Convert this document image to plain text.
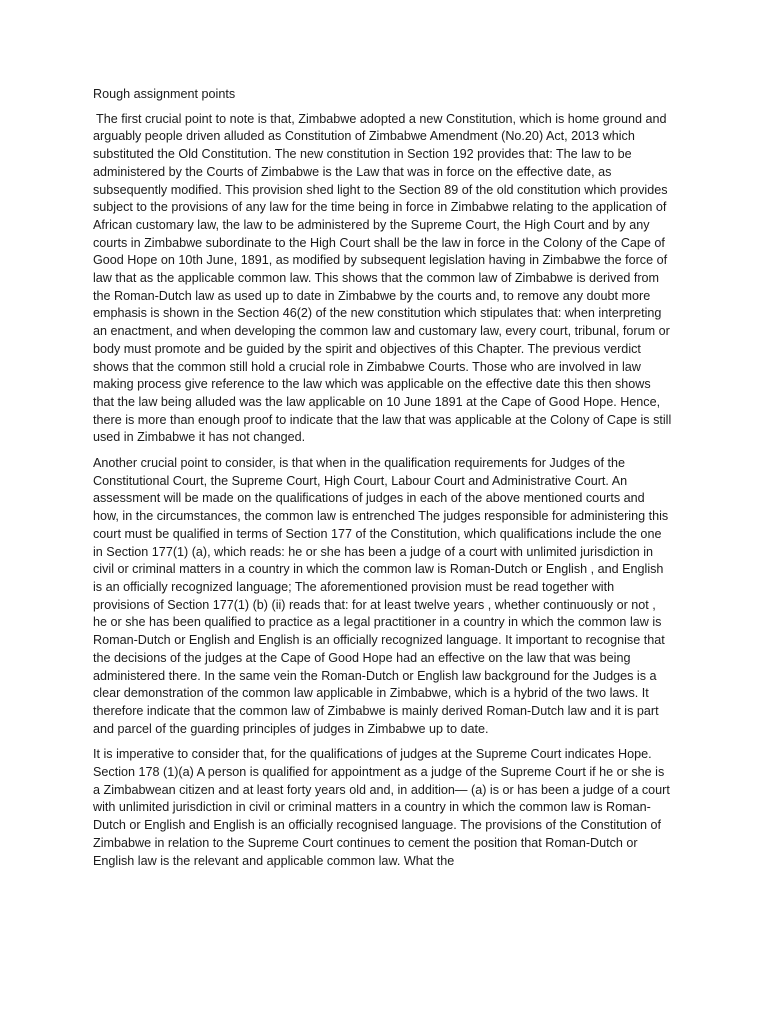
Rough assignment points

The first crucial point to note is that, Zimbabwe adopted a new Constitution, which is home ground and arguably people driven alluded as Constitution of Zimbabwe Amendment (No.20) Act, 2013 which substituted the Old Constitution. The new constitution in Section 192 provides that: The law to be administered by the Courts of Zimbabwe is the Law that was in force on the effective date, as subsequently modified. This provision shed light to the Section 89 of the old constitution which provides subject to the provisions of any law for the time being in force in Zimbabwe relating to the application of African customary law, the law to be administered by the Supreme Court, the High Court and by any courts in Zimbabwe subordinate to the High Court shall be the law in force in the Colony of the Cape of Good Hope on 10th June, 1891, as modified by subsequent legislation having in Zimbabwe the force of law that as the applicable common law. This shows that the common law of Zimbabwe is derived from the Roman-Dutch law as used up to date in Zimbabwe by the courts and, to remove any doubt more emphasis is shown in the Section 46(2) of the new constitution which stipulates that: when interpreting an enactment, and when developing the common law and customary law, every court, tribunal, forum or body must promote and be guided by the spirit and objectives of this Chapter. The previous verdict shows that the common still hold a crucial role in Zimbabwe Courts. Those who are involved in law making process give reference to the law which was applicable on the effective date this then shows that the law being alluded was the law applicable on 10 June 1891 at the Cape of Good Hope. Hence, there is more than enough proof to indicate that the law that was applicable at the Colony of Cape is still used in Zimbabwe it has not changed.

Another crucial point to consider, is that when in the qualification requirements for Judges of the Constitutional Court, the Supreme Court, High Court, Labour Court and Administrative Court. An assessment will be made on the qualifications of judges in each of the above mentioned courts and how, in the circumstances, the common law is entrenched The judges responsible for administering this court must be qualified in terms of Section 177 of the Constitution, which qualifications include the one in Section 177(1) (a), which reads: he or she has been a judge of a court with unlimited jurisdiction in civil or criminal matters in a country in which the common law is Roman-Dutch or English , and English is an officially recognized language; The aforementioned provision must be read together with provisions of Section 177(1) (b) (ii) reads that: for at least twelve years , whether continuously or not , he or she has been qualified to practice as a legal practitioner in a country in which the common law is Roman-Dutch or English and English is an officially recognized language. It important to recognise that the decisions of the judges at the Cape of Good Hope had an effective on the law that was being administered there. In the same vein the Roman-Dutch or English law background for the Judges is a clear demonstration of the common law applicable in Zimbabwe, which is a hybrid of the two laws. It therefore indicate that the common law of Zimbabwe is mainly derived Roman-Dutch law and it is part and parcel of the guarding principles of judges in Zimbabwe up to date.

It is imperative to consider that, for the qualifications of judges at the Supreme Court indicates Hope. Section 178 (1)(a) A person is qualified for appointment as a judge of the Supreme Court if he or she is a Zimbabwean citizen and at least forty years old and, in addition— (a) is or has been a judge of a court with unlimited jurisdiction in civil or criminal matters in a country in which the common law is Roman-Dutch or English and English is an officially recognised language. The provisions of the Constitution of Zimbabwe in relation to the Supreme Court continues to cement the position that Roman-Dutch or English law is the relevant and applicable common law. What the
